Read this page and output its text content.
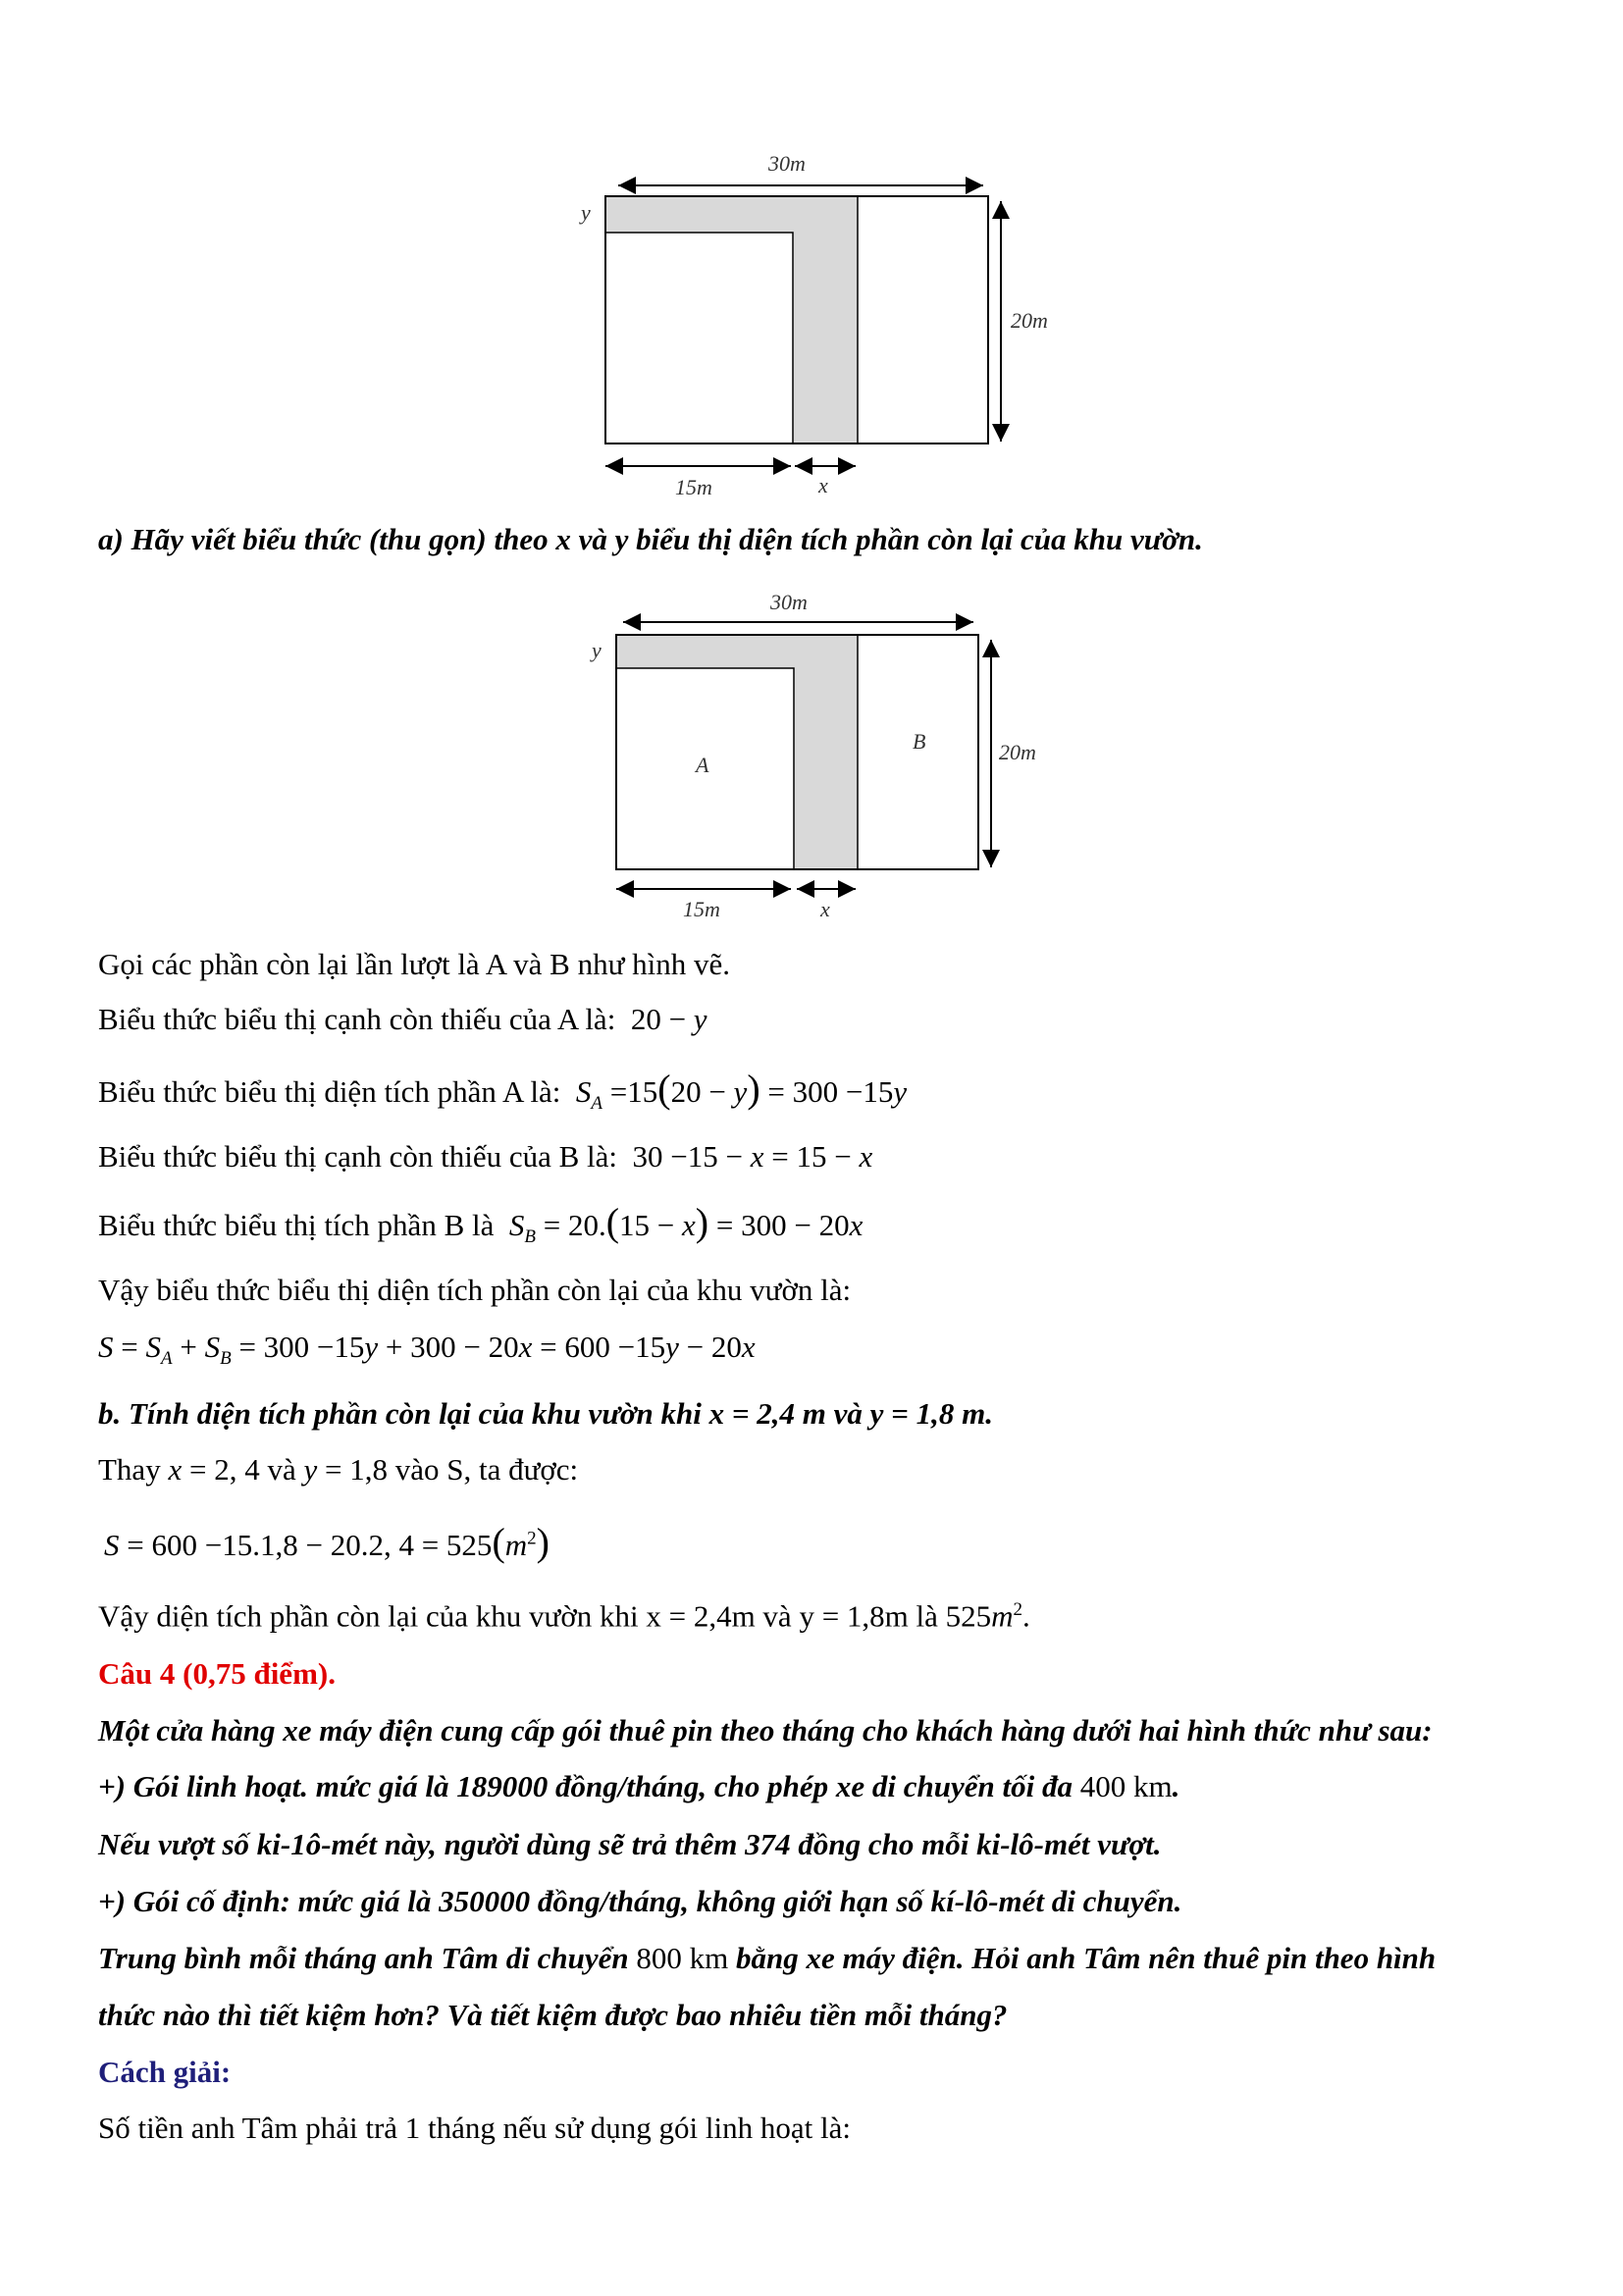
30m
y
20m
15m	x
30m
y
20m
A
B
15m	x
a) Hãy viết biểu thức (thu gọn) theo x và y biểu thị diện tích phần còn lại của khu vườn.
Gọi các phần còn lại lần lượt là A và B như hình vẽ.
Biểu thức biểu thị cạnh còn thiếu của A là: 20 − y
Biểu thức biểu thị diện tích phần A là: $S_A =15(20 - y) = 300 -15y$
Biểu thức biểu thị cạnh còn thiếu của B là: 30 −15 − x = 15 − x
Biểu thức biểu thị tích phần B là $S_B = 20.(15 - x) = 300 - 20x$
Vậy biểu thức biểu thị diện tích phần còn lại của khu vườn là:
$S = S_A + S_B = 300 -15y + 300 - 20x = 600 -15y - 20x$
b. Tính diện tích phần còn lại của khu vườn khi x = 2,4 m và y = 1,8 m.
Thay x = 2, 4 và y = 1,8 vào S, ta được:
S = 600 −15.1,8 − 20.2, $4 = 525(m^2)$
Vậy diện tích phần còn lại của khu vườn khi x = 2,4m và y = 1,8m là $525m^2$.
Câu 4 (0,75 điểm).
Một cửa hàng xe máy điện cung cấp gói thuê pin theo tháng cho khách hàng dưới hai hình thức như sau:
+) Gói linh hoạt. mức giá là 189000 đồng/tháng, cho phép xe di chuyển tối đa 400 km.
Nếu vượt số ki-1ô-mét này, người dùng sẽ trả thêm 374 đồng cho mỗi ki-lô-mét vượt.
+) Gói cố định: mức giá là 350000 đồng/tháng, không giới hạn số kí-lô-mét di chuyển.
Trung bình mỗi tháng anh Tâm di chuyển 800 km bằng xe máy điện. Hỏi anh Tâm nên thuê pin theo hình
thức nào thì tiết kiệm hơn? Và tiết kiệm được bao nhiêu tiền mỗi tháng?
Cách giải:
Số tiền anh Tâm phải trả 1 tháng nếu sử dụng gói linh hoạt là:
